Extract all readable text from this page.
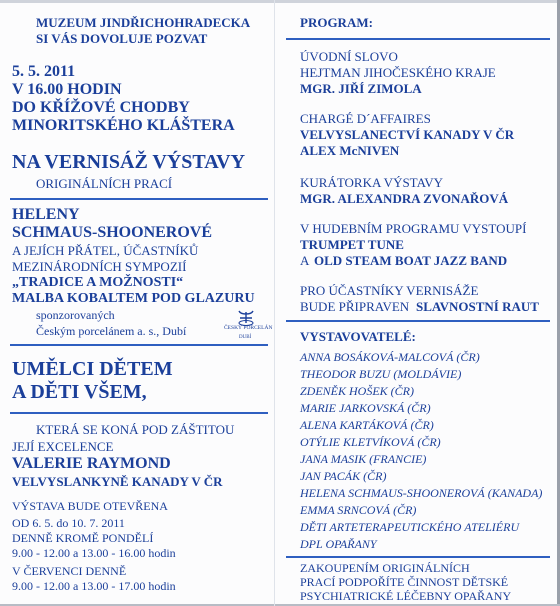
MUZEUM JINDŘICHOHRADECKA
SI VÁS DOVOLUJE POZVAT
5. 5. 2011
V 16.00 HODIN
DO KŘÍŽOVÉ CHODBY
MINORITSKÉHO KLÁŠTERA
NA VERNISÁŽ VÝSTAVY
ORIGINÁLNÍCH PRACÍ
HELENY
SCHMAUS-SHOONEROVÉ
A JEJÍCH PŘÁTEL, ÚČASTNÍKŮ
MEZINÁRODNÍCH SYMPOZIÍ
„TRADICE A MOŽNOSTI“
MALBA KOBALTEM POD GLAZURU
sponzorovaných
Českým porcelánem a. s., Dubí	ČESKÝ PORCELÁN
DUBÍ
UMĚLCI DĚTEM
A DĚTI VŠEM,
KTERÁ SE KONÁ POD ZÁŠTITOU
JEJÍ EXCELENCE
VALERIE RAYMOND
VELVYSLANKYNĚ KANADY V ČR
VÝSTAVA BUDE OTEVŘENA
OD 6. 5. do 10. 7. 2011
DENNĚ KROMĚ PONDĚLÍ
9.00 - 12.00 a 13.00 - 16.00 hodin
V ČERVENCI DENNĚ
9.00 - 12.00 a 13.00 - 17.00 hodin
PROGRAM:
ÚVODNÍ SLOVO
HEJTMAN JIHOČESKÉHO KRAJE
MGR. JIŘÍ ZIMOLA
CHARGÉ D´AFFAIRES
VELVYSLANECTVÍ KANADY V ČR
ALEX McNIVEN
KURÁTORKA VÝSTAVY
MGR. ALEXANDRA ZVONAŘOVÁ
V HUDEBNÍM PROGRAMU VYSTOUPÍ
TRUMPET TUNE
A OLD STEAM BOAT JAZZ BAND
PRO ÚČASTNÍKY VERNISÁŽE
BUDE PŘIPRAVEN SLAVNOSTNÍ RAUT
VYSTAVOVATELÉ:
ANNA BOSÁKOVÁ-MALCOVÁ (ČR)
THEODOR BUZU (MOLDÁVIE)
ZDENĚK HOŠEK (ČR)
MARIE JARKOVSKÁ (ČR)
ALENA KARTÁKOVÁ (ČR)
OTÝLIE KLETVÍKOVÁ (ČR)
JANA MASIK (FRANCIE)
JAN PACÁK (ČR)
HELENA SCHMAUS-SHOONEROVÁ (KANADA)
EMMA SRNCOVÁ (ČR)
DĚTI ARTETERAPEUTICKÉHO ATELIÉRU
DPL OPAŘANY
ZAKOUPENÍM ORIGINÁLNÍCH
PRACÍ PODPOŘÍTE ČINNOST DĚTSKÉ
PSYCHIATRICKÉ LÉČEBNY OPAŘANY
